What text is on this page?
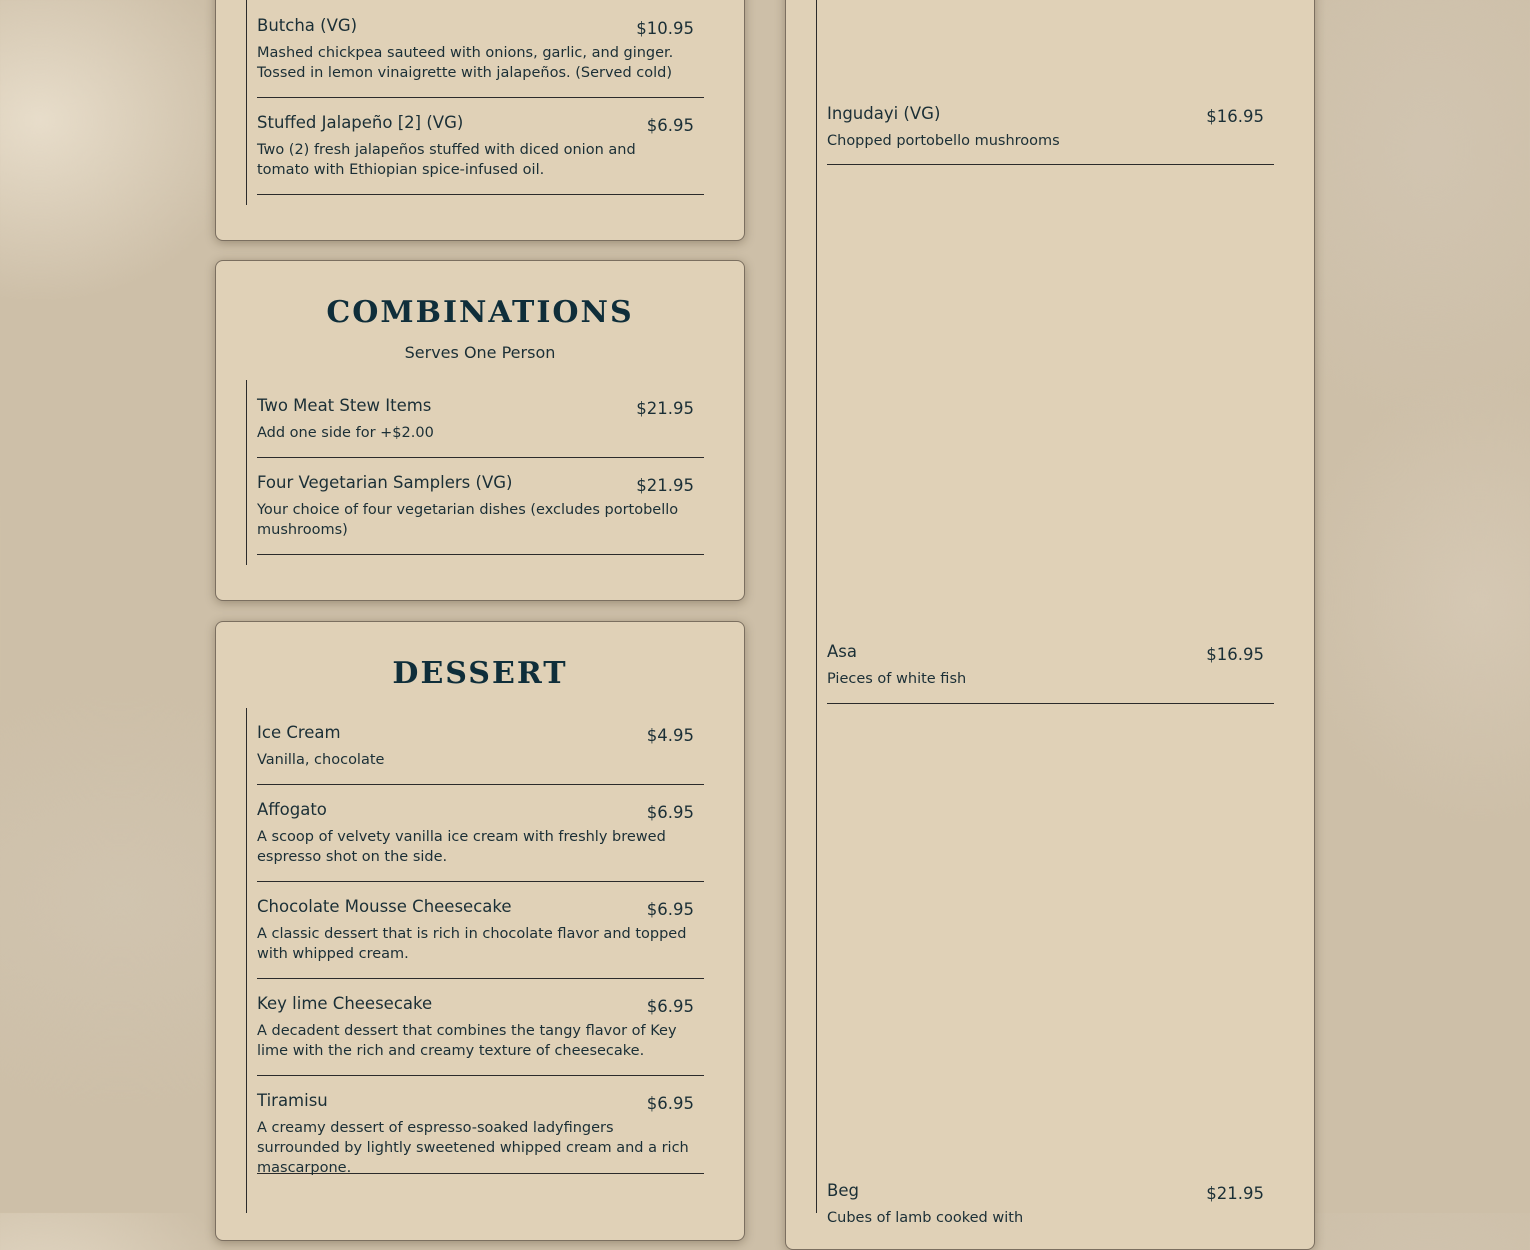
Butcha (VG)	$10.95
Mashed chickpea sauteed with onions, garlic, and ginger. Tossed in lemon vinaigrette with jalapeños. (Served cold)
Stuffed Jalapeño [2] (VG)	$6.95
Two (2) fresh jalapeños stuffed with diced onion and tomato with Ethiopian spice-infused oil.
COMBINATIONS
Serves One Person
Two Meat Stew Items	$21.95
Add one side for +$2.00
Four Vegetarian Samplers (VG)	$21.95
Your choice of four vegetarian dishes (excludes portobello mushrooms)
DESSERT
Ice Cream	$4.95
Vanilla, chocolate
Affogato	$6.95
A scoop of velvety vanilla ice cream with freshly brewed espresso shot on the side.
Chocolate Mousse Cheesecake	$6.95
A classic dessert that is rich in chocolate flavor and topped with whipped cream.
Key lime Cheesecake	$6.95
A decadent dessert that combines the tangy flavor of Key lime with the rich and creamy texture of cheesecake.
Tiramisu	$6.95
A creamy dessert of espresso-soaked ladyfingers surrounded by lightly sweetened whipped cream and a rich mascarpone.
Ingudayi (VG)	$16.95
Chopped portobello mushrooms
Asa	$16.95
Pieces of white fish
Beg	$21.95
Cubes of lamb cooked with
